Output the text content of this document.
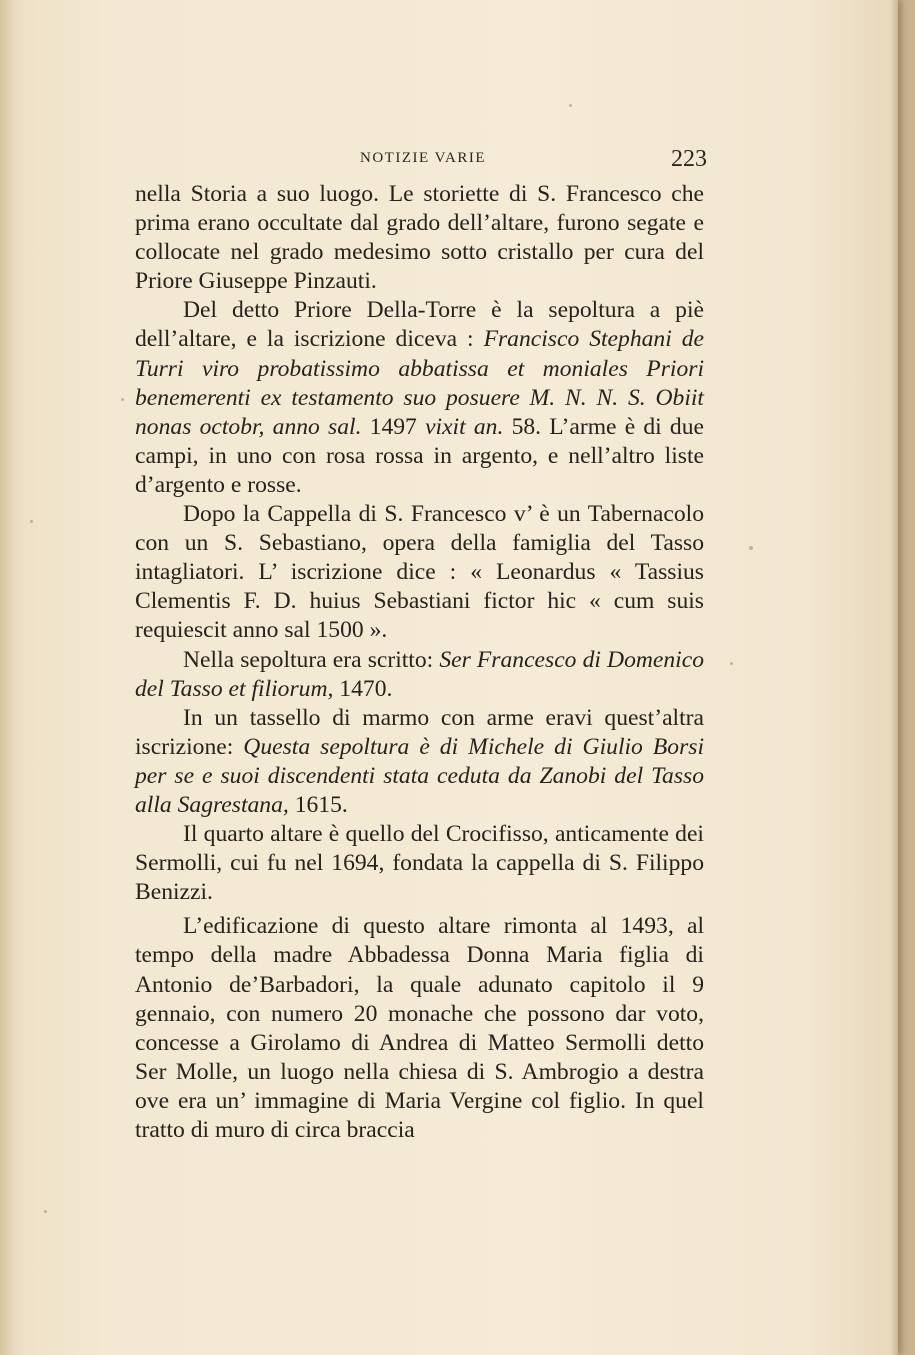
NOTIZIE VARIE	223

nella Storia a suo luogo. Le storiette di S. Francesco che prima erano occultate dal grado dell’altare, furono segate e collocate nel grado medesimo sotto cristallo per cura del Priore Giuseppe Pinzauti.

Del detto Priore Della-Torre è la sepoltura a piè dell’altare, e la iscrizione diceva : Francisco Stephani de Turri viro probatissimo abbatissa et moniales Priori benemerenti ex testamento suo posuere M. N. N. S. Obiit nonas octobr, anno sal. 1497 vixit an. 58. L’arme è di due campi, in uno con rosa rossa in argento, e nell’altro liste d’argento e rosse.

Dopo la Cappella di S. Francesco v’ è un Tabernacolo con un S. Sebastiano, opera della famiglia del Tasso intagliatori. L’ iscrizione dice : « Leonardus « Tassius Clementis F. D. huius Sebastiani fictor hic « cum suis requiescit anno sal 1500 ».

Nella sepoltura era scritto: Ser Francesco di Domenico del Tasso et filiorum, 1470.

In un tassello di marmo con arme eravi quest’altra iscrizione: Questa sepoltura è di Michele di Giulio Borsi per se e suoi discendenti stata ceduta da Zanobi del Tasso alla Sagrestana, 1615.

Il quarto altare è quello del Crocifisso, anticamente dei Sermolli, cui fu nel 1694, fondata la cappella di S. Filippo Benizzi.

L’edificazione di questo altare rimonta al 1493, al tempo della madre Abbadessa Donna Maria figlia di Antonio de’Barbadori, la quale adunato capitolo il 9 gennaio, con numero 20 monache che possono dar voto, concesse a Girolamo di Andrea di Matteo Sermolli detto Ser Molle, un luogo nella chiesa di S. Ambrogio a destra ove era un’ immagine di Maria Vergine col figlio. In quel tratto di muro di circa braccia
